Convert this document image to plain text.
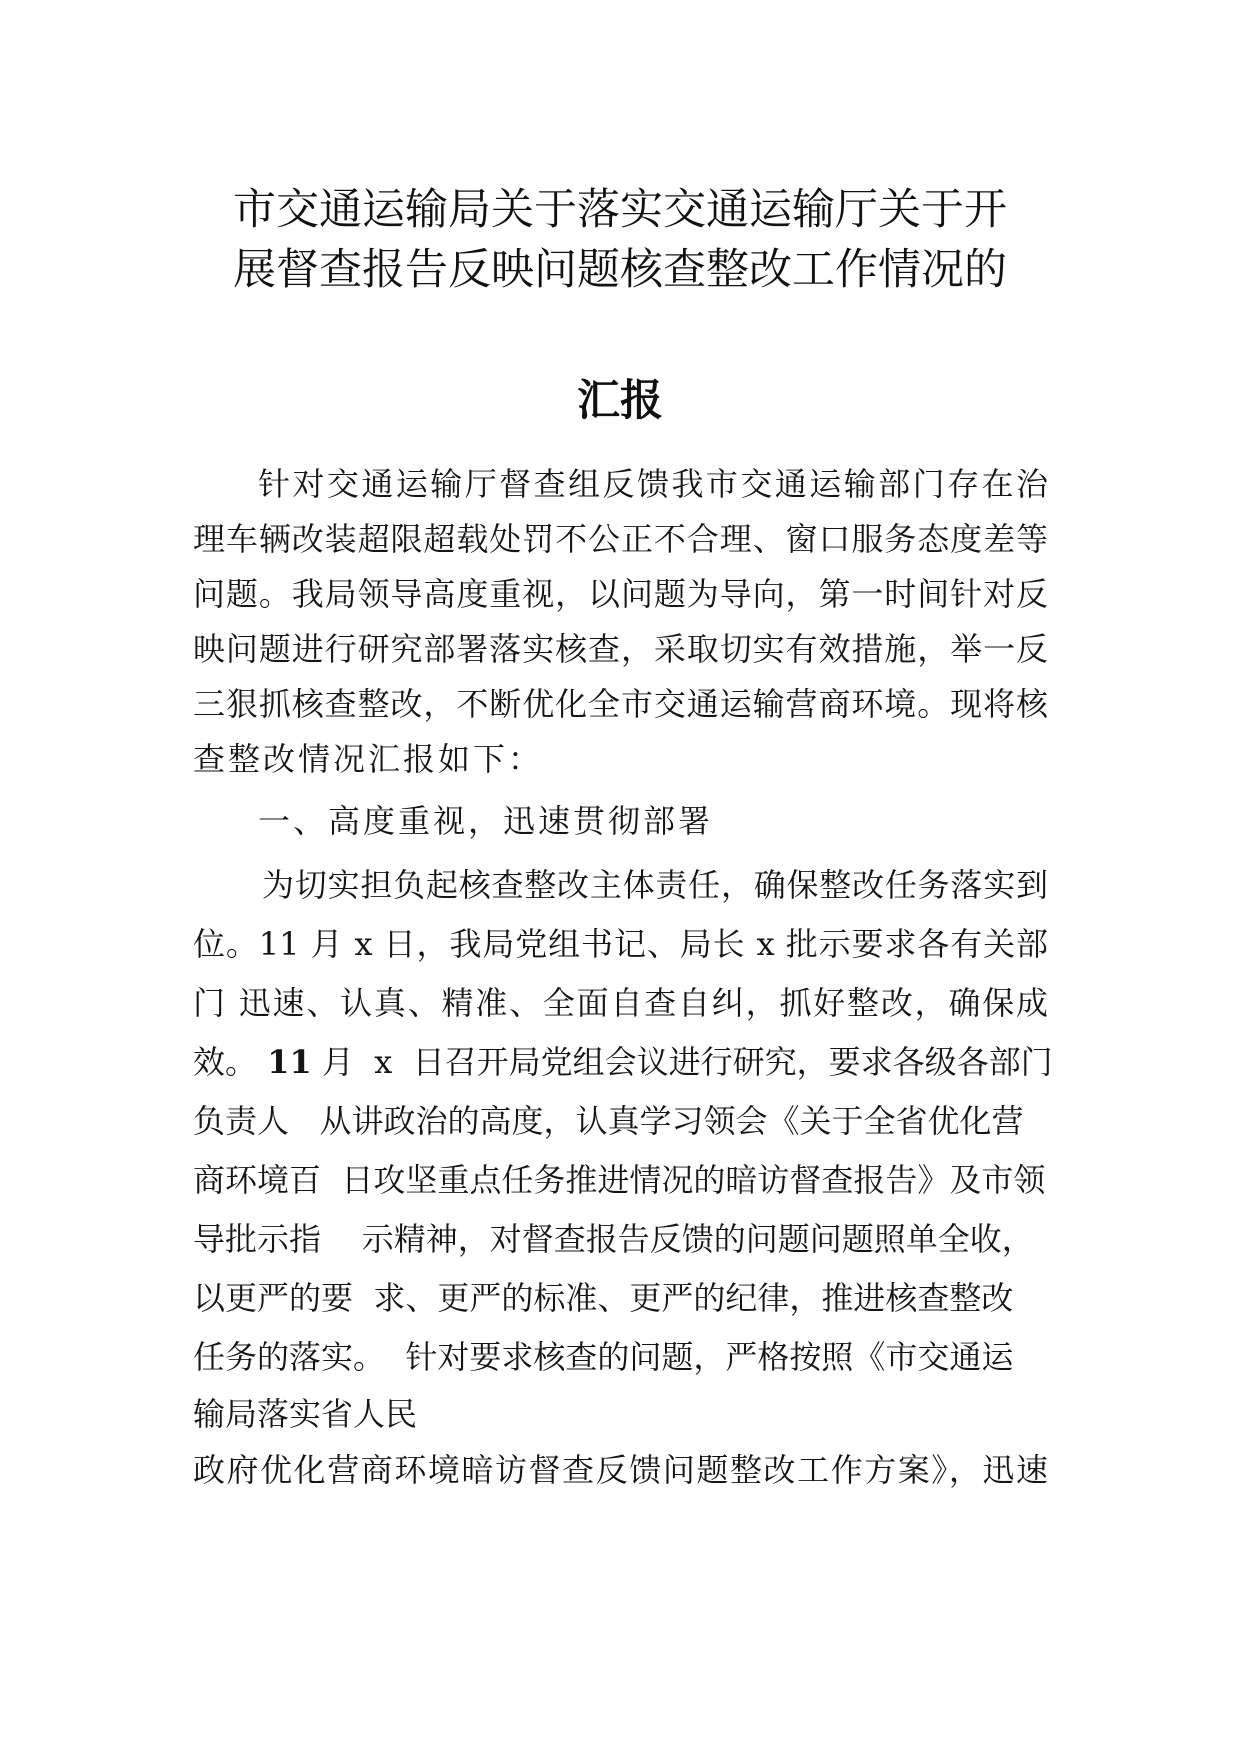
市交通运输局关于落实交通运输厅关于开
展督查报告反映问题核查整改工作情况的
汇报
针对交通运输厅督查组反馈我市交通运输部门存在治
理车辆改装超限超载处罚不公正不合理、窗口服务态度差等
问题。我局领导高度重视，以问题为导向，第一时间针对反
映问题进行研究部署落实核查，采取切实有效措施，举一反
三狠抓核查整改，不断优化全市交通运输营商环境。现将核
查整改情况汇报如下：
一、高度重视，迅速贯彻部署
为切实担负起核查整改主体责任，确保整改任务落实到
位。11 月 x 日，我局党组书记、局长 x 批示要求各有关部
门 迅速、认真、精准、全面自查自纠，抓好整改，确保成
效。 11 月  x  日召开局党组会议进行研究，要求各级各部门
负责人   从讲政治的高度，认真学习领会《关于全省优化营
商环境百  日攻坚重点任务推进情况的暗访督查报告》及市领
导批示指    示精神，对督查报告反馈的问题问题照单全收，
以更严的要  求、更严的标准、更严的纪律，推进核查整改
任务的落实。  针对要求核查的问题，严格按照《市交通运
输局落实省人民
政府优化营商环境暗访督查反馈问题整改工作方案》，迅速
